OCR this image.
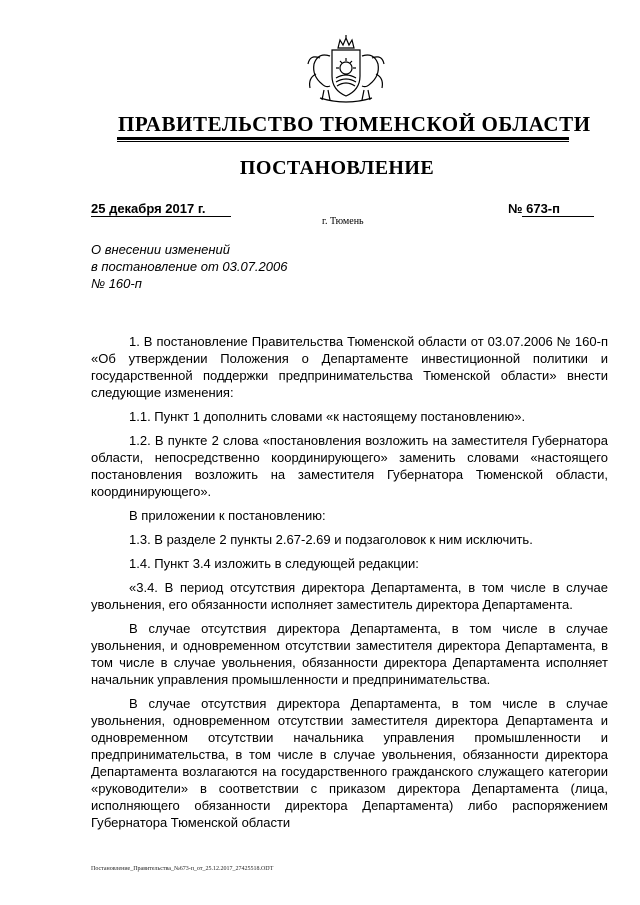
ПРАВИТЕЛЬСТВО ТЮМЕНСКОЙ ОБЛАСТИ
ПОСТАНОВЛЕНИЕ
25 декабря 2017 г.	№ 673-п
г. Тюмень
О внесении изменений
в постановление от 03.07.2006
№ 160-п

1. В постановление Правительства Тюменской области от 03.07.2006 № 160-п «Об утверждении Положения о Департаменте инвестиционной политики и государственной поддержки предпринимательства Тюменской области» внести следующие изменения:

1.1. Пункт 1 дополнить словами «к настоящему постановлению».

1.2. В пункте 2 слова «постановления возложить на заместителя Губернатора области, непосредственно координирующего» заменить словами «настоящего постановления возложить на заместителя Губернатора Тюменской области, координирующего».

В приложении к постановлению:

1.3. В разделе 2 пункты 2.67-2.69 и подзаголовок к ним исключить.

1.4. Пункт 3.4 изложить в следующей редакции:

«3.4. В период отсутствия директора Департамента, в том числе в случае увольнения, его обязанности исполняет заместитель директора Департамента.

В случае отсутствия директора Департамента, в том числе в случае увольнения, и одновременном отсутствии заместителя директора Департамента, в том числе в случае увольнения, обязанности директора Департамента исполняет начальник управления промышленности и предпринимательства.

В случае отсутствия директора Департамента, в том числе в случае увольнения, одновременном отсутствии заместителя директора Департамента и одновременном отсутствии начальника управления промышленности и предпринимательства, в том числе в случае увольнения, обязанности директора Департамента возлагаются на государственного гражданского служащего категории «руководители» в соответствии с приказом директора Департамента (лица, исполняющего обязанности директора Департамента) либо распоряжением Губернатора Тюменской области

Постановление_Правительства_№673-п_от_25.12.2017_27425518.ODT
